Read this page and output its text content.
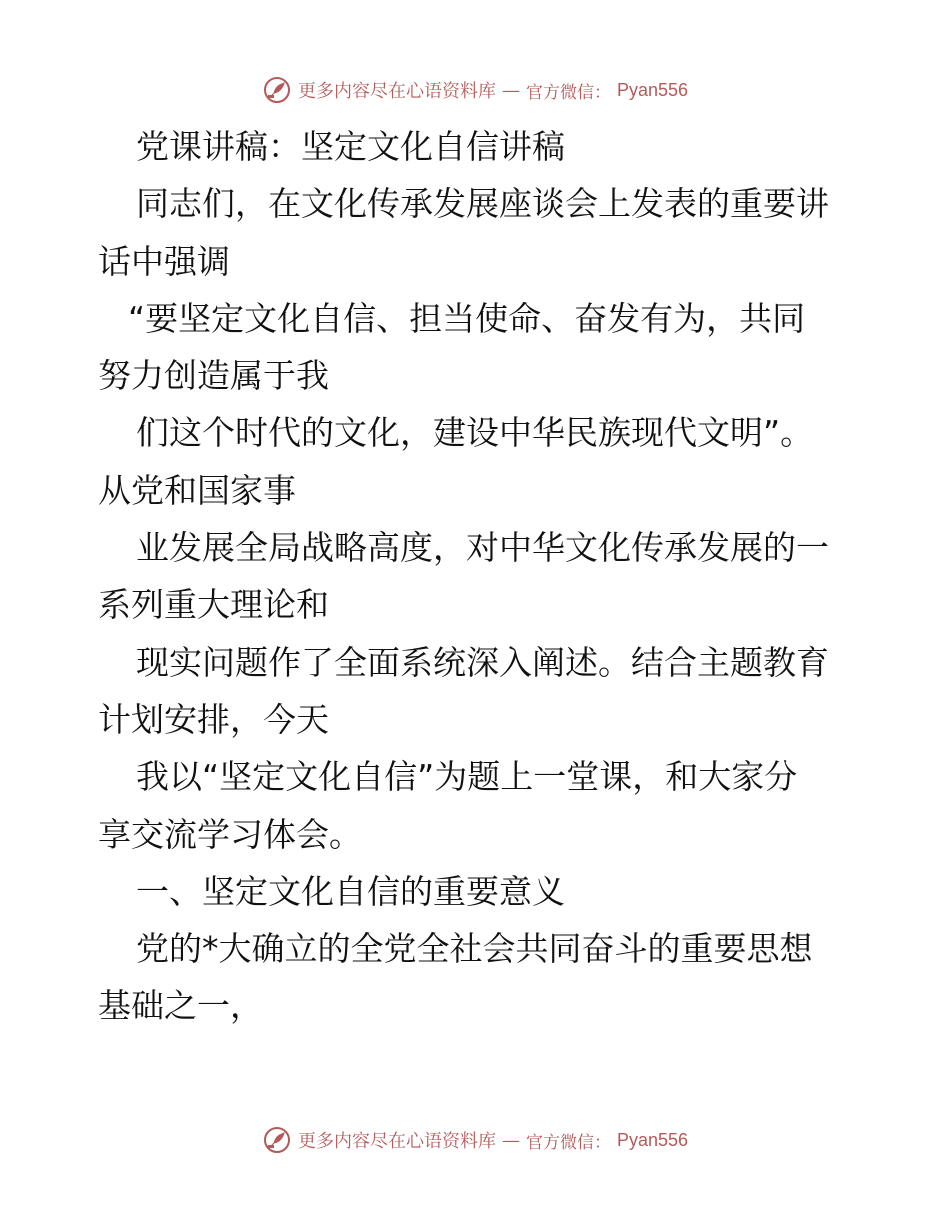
更多内容尽在心语资料库 — 官方微信： Pyan556
党课讲稿：坚定文化自信讲稿
同志们，在文化传承发展座谈会上发表的重要讲
话中强调
“要坚定文化自信、担当使命、奋发有为，共同
努力创造属于我
们这个时代的文化，建设中华民族现代文明”。
从党和国家事
业发展全局战略高度，对中华文化传承发展的一
系列重大理论和
现实问题作了全面系统深入阐述。结合主题教育
计划安排，今天
我以“坚定文化自信”为题上一堂课，和大家分
享交流学习体会。
一、坚定文化自信的重要意义
党的*大确立的全党全社会共同奋斗的重要思想
基础之一，
更多内容尽在心语资料库 — 官方微信： Pyan556
